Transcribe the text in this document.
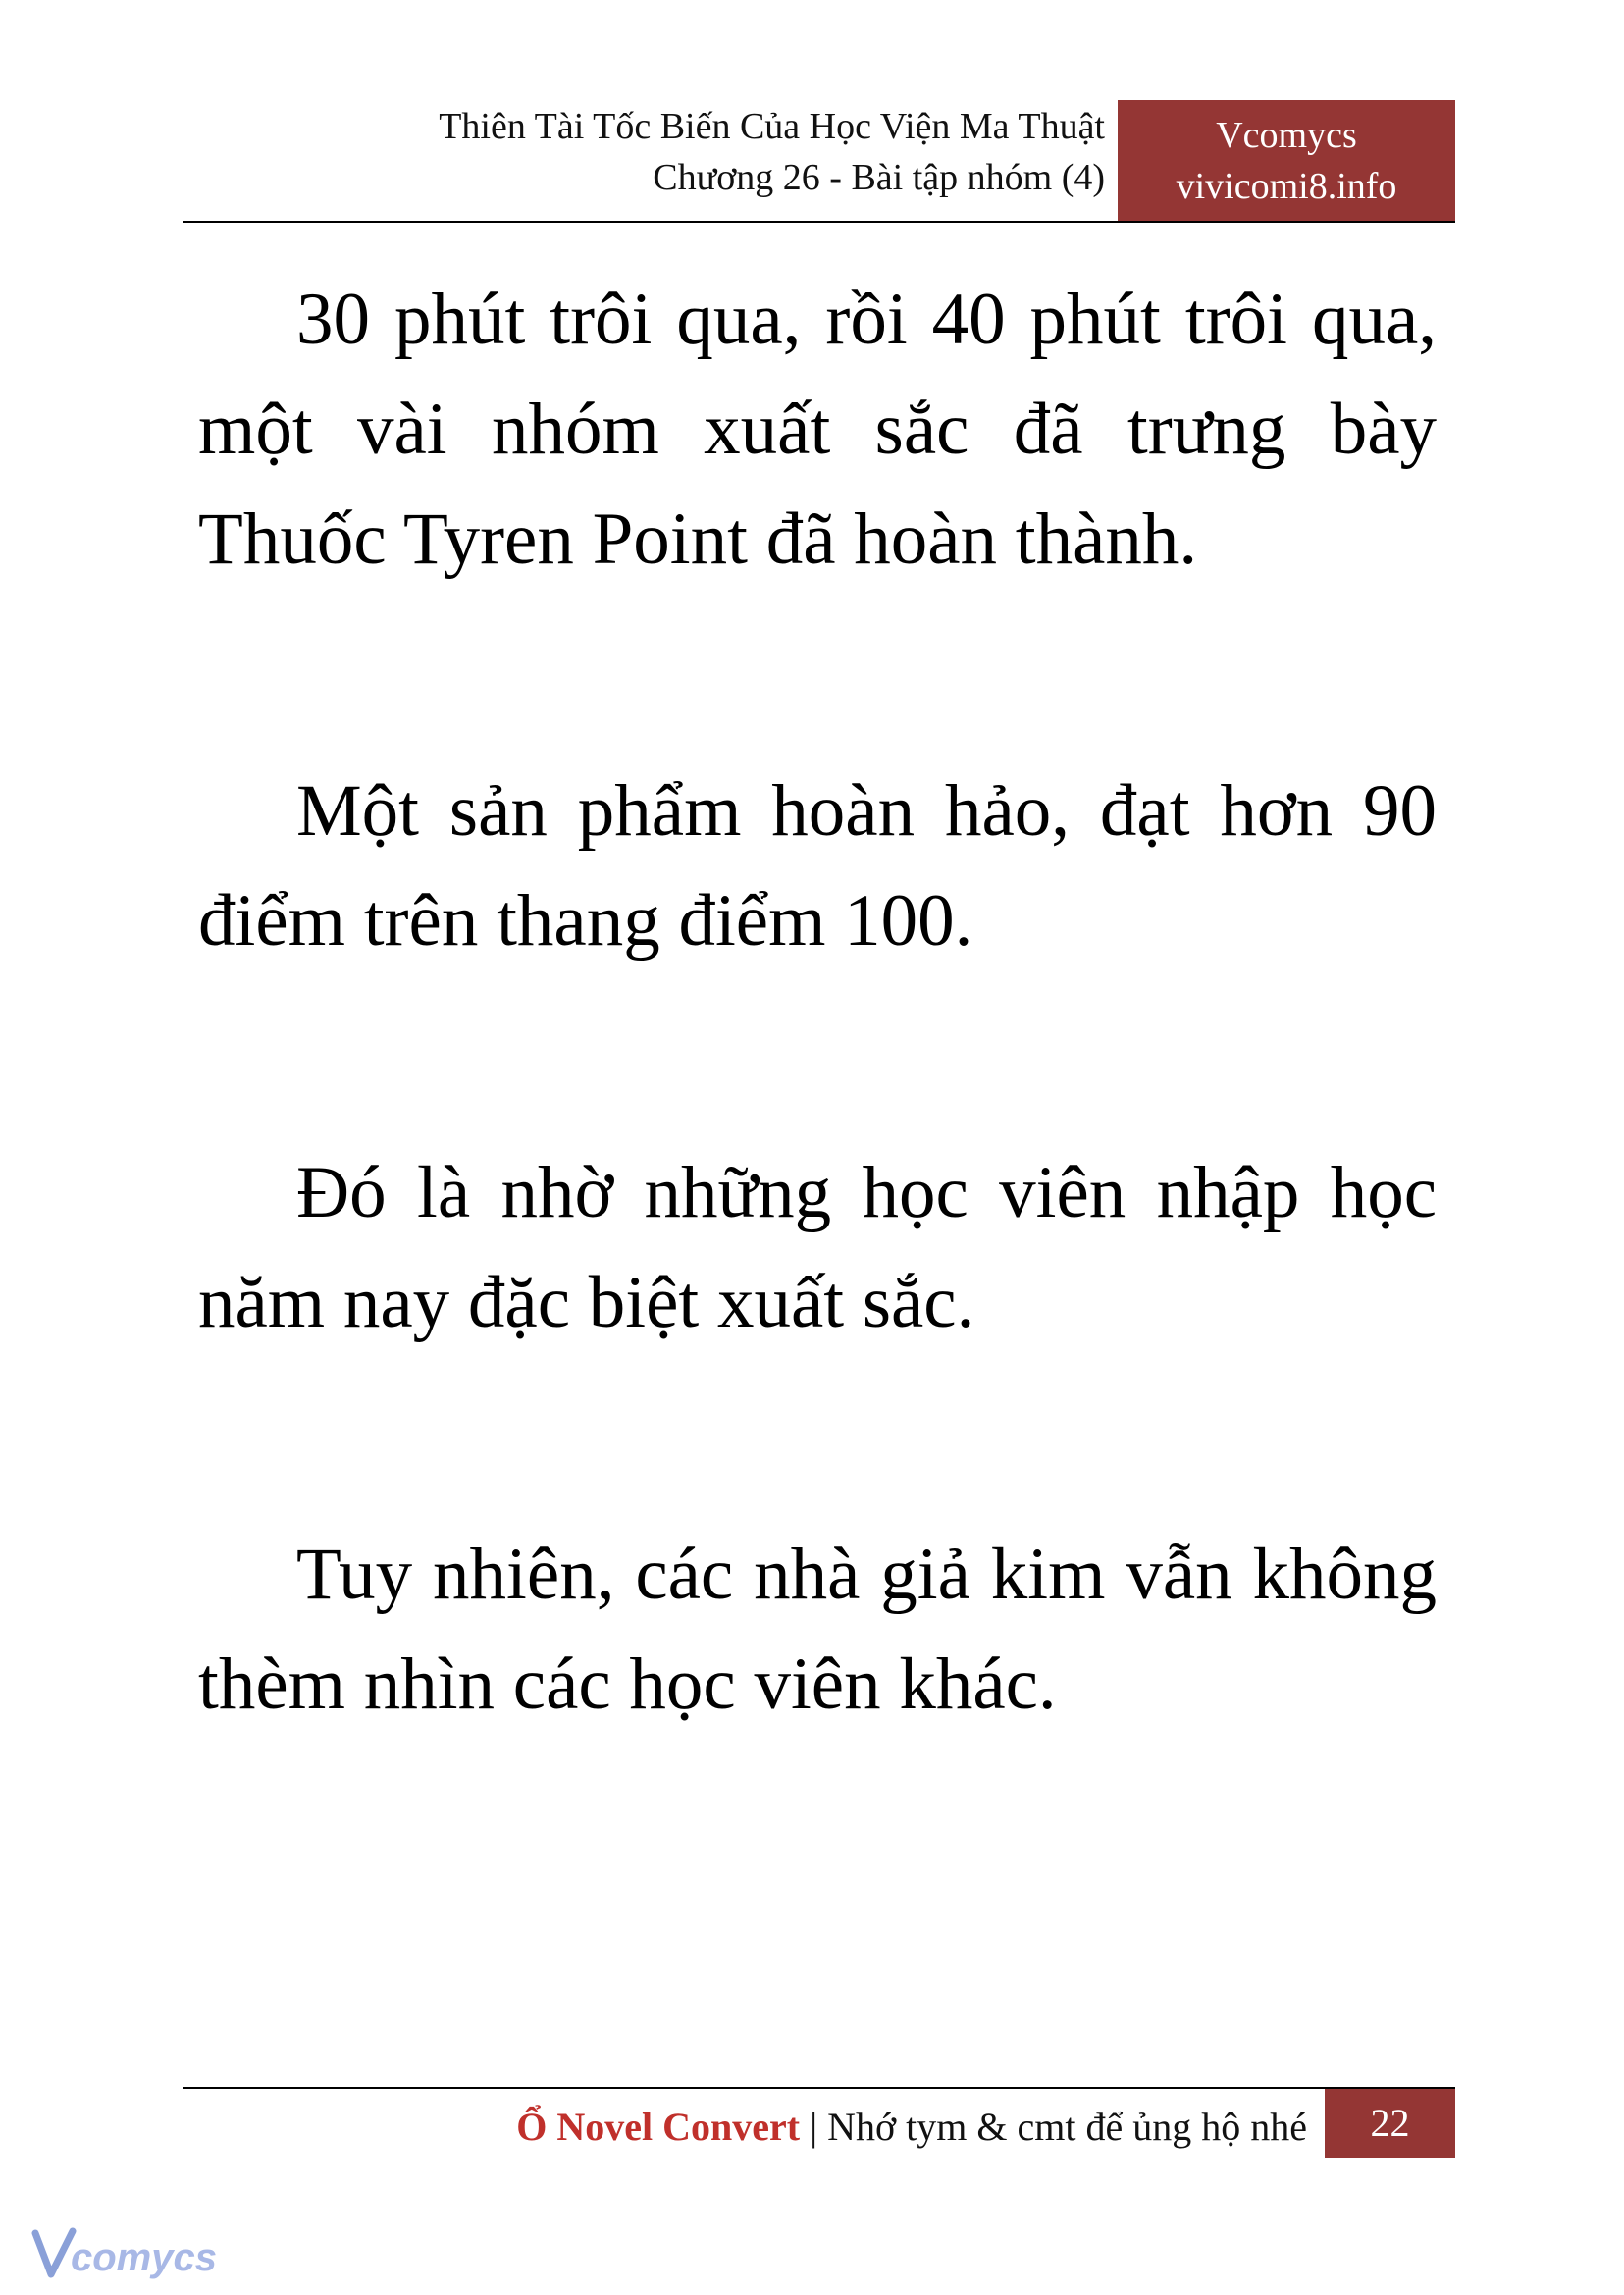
Thiên Tài Tốc Biến Của Học Viện Ma Thuật
Chương 26 - Bài tập nhóm (4)
Vcomycs
vivicomi8.info

30 phút trôi qua, rồi 40 phút trôi qua, một vài nhóm xuất sắc đã trưng bày Thuốc Tyren Point đã hoàn thành.

Một sản phẩm hoàn hảo, đạt hơn 90 điểm trên thang điểm 100.

Đó là nhờ những học viên nhập học năm nay đặc biệt xuất sắc.

Tuy nhiên, các nhà giả kim vẫn không thèm nhìn các học viên khác.

Ổ Novel Convert | Nhớ tym & cmt để ủng hộ nhé	22
comycs
